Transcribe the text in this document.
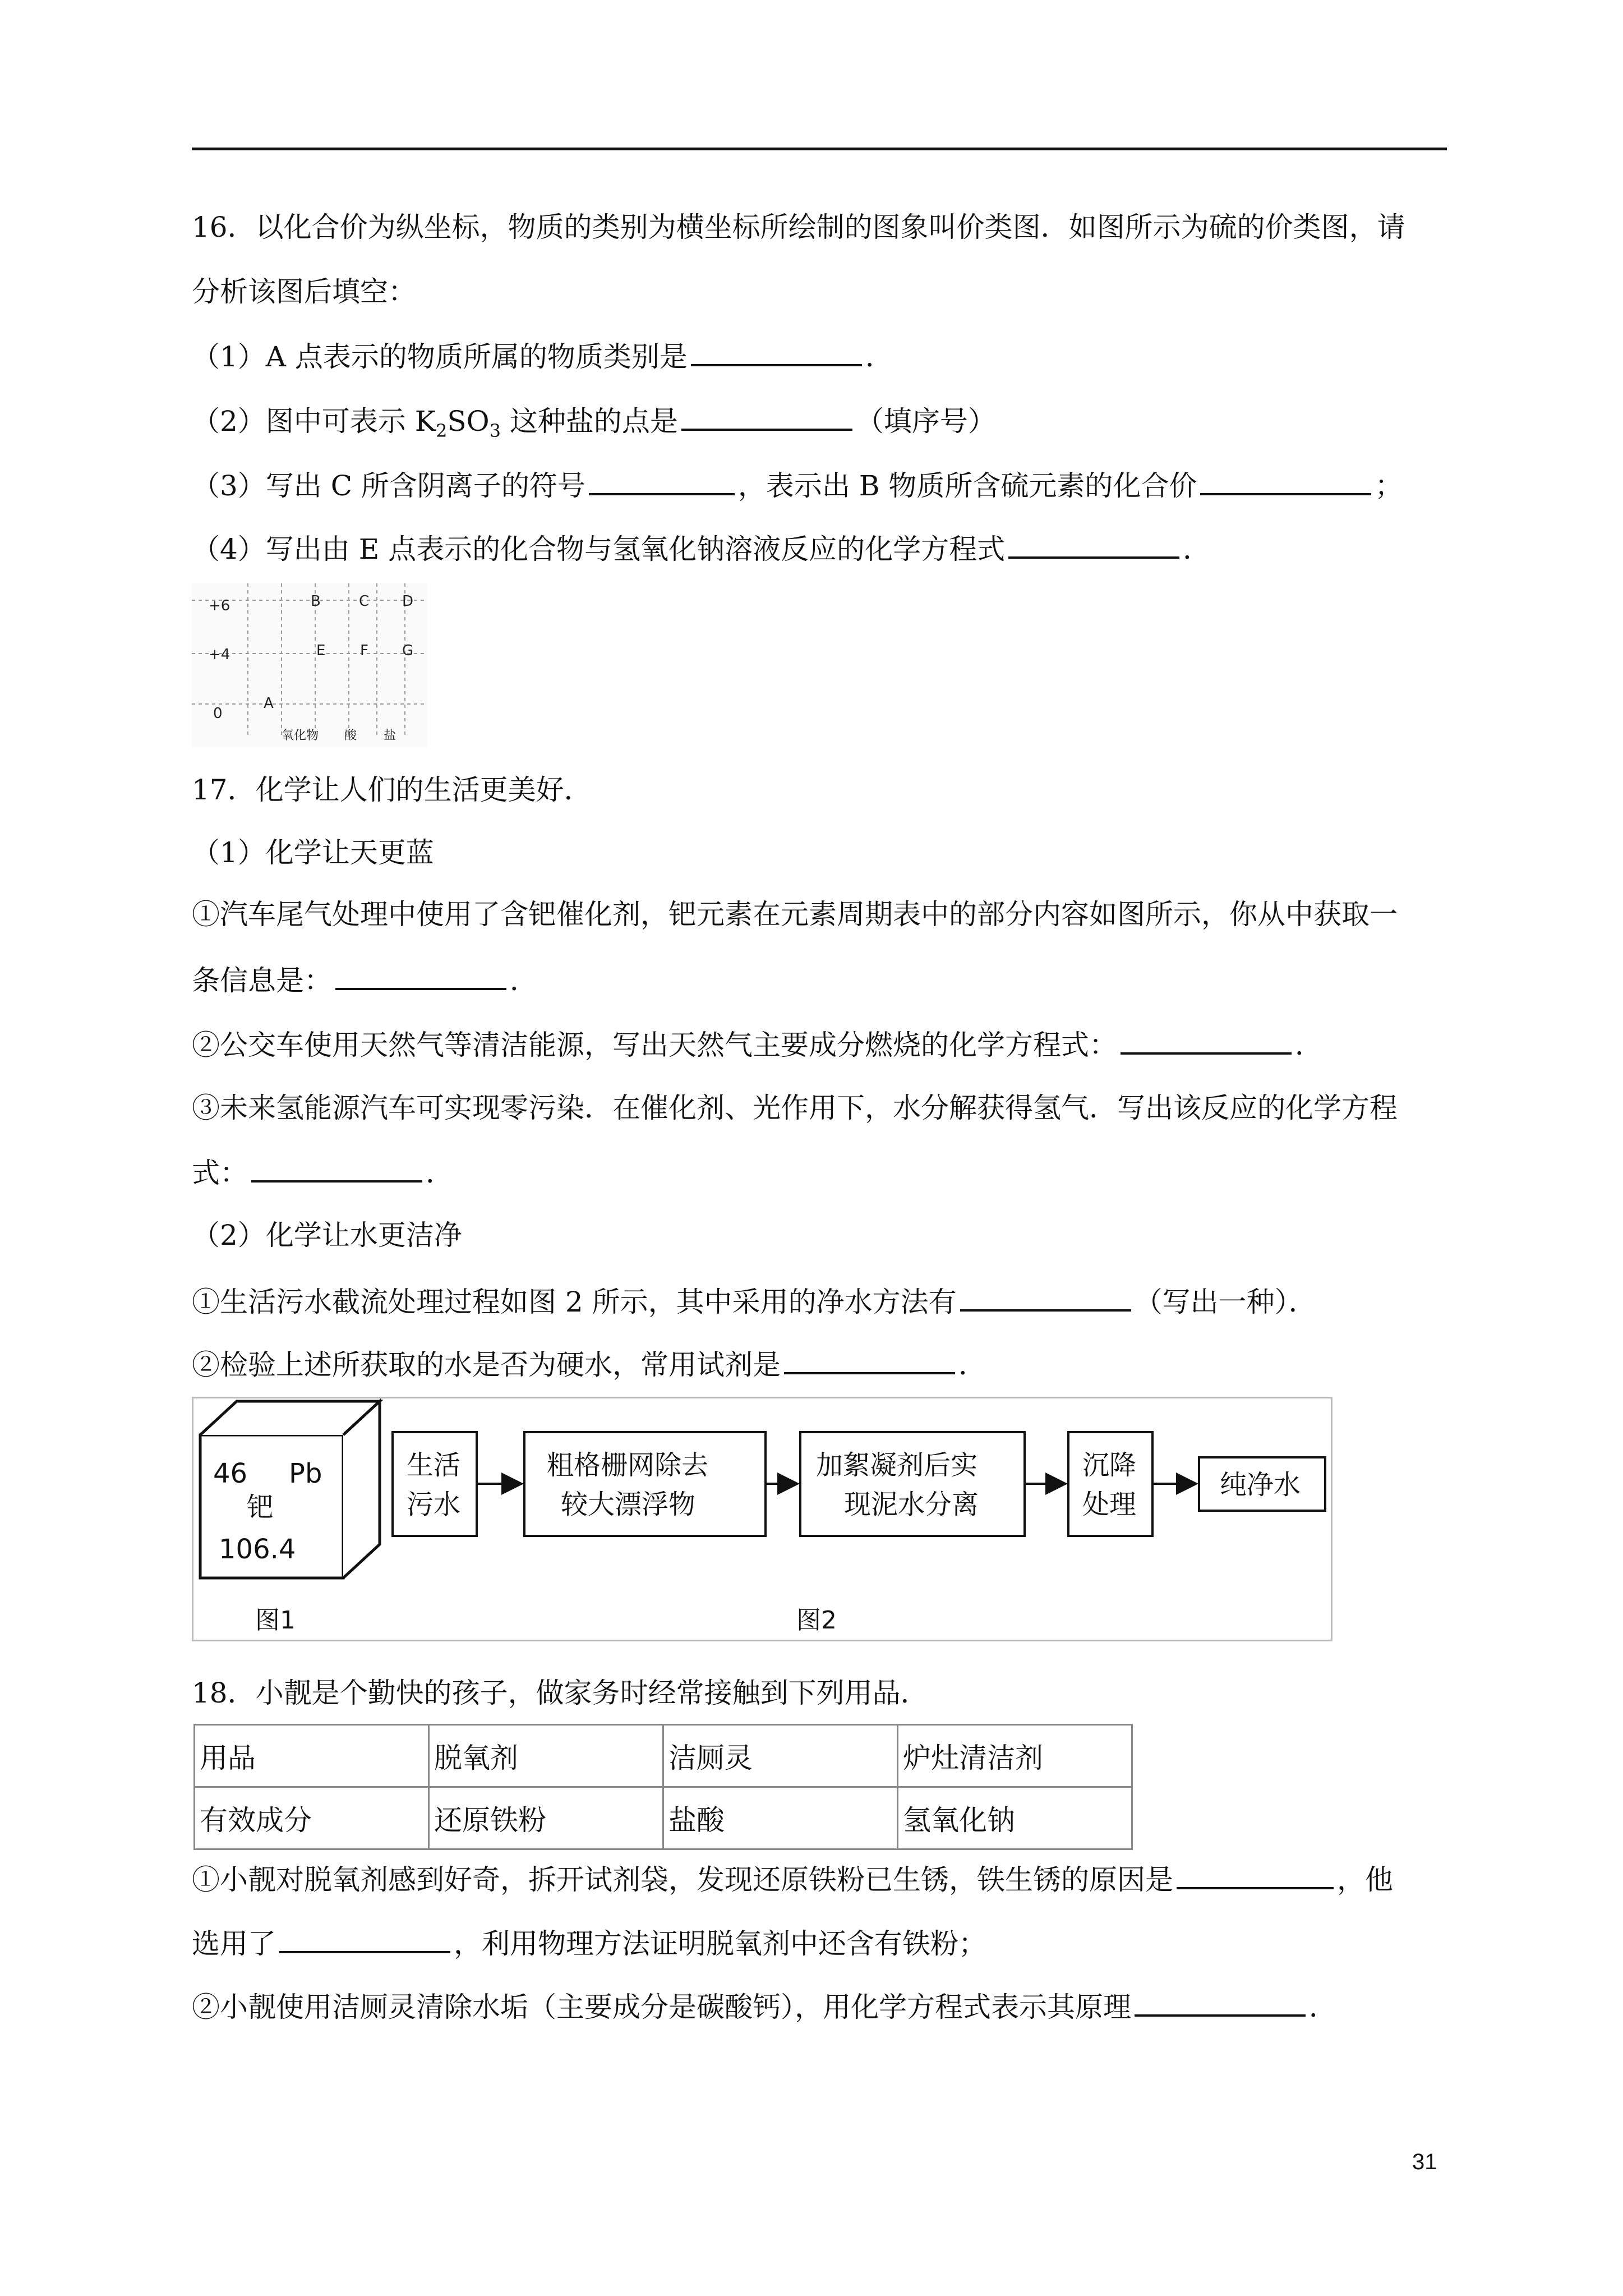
16．以化合价为纵坐标，物质的类别为横坐标所绘制的图象叫价类图．如图所示为硫的价类图，请
分析该图后填空：
（1）A 点表示的物质所属的物质类别是	．
（2）图中可表示 $K_2SO_3$ 这种盐的点是	（填序号）
（3）写出 C 所含阴离子的符号	，表示出 B 物质所含硫元素的化合价	；
（4）写出由 E 点表示的化合物与氢氧化钠溶液反应的化学方程式	．
+6
+4
0
B	C D
E F G
A
氧化物 酸 盐
17．化学让人们的生活更美好．
（1）化学让天更蓝
①汽车尾气处理中使用了含钯催化剂，钯元素在元素周期表中的部分内容如图所示，你从中获取一
条信息是：	．
②公交车使用天然气等清洁能源，写出天然气主要成分燃烧的化学方程式：	．
③未来氢能源汽车可实现零污染．在催化剂、光作用下，水分解获得氢气．写出该反应的化学方程
式：	．
（2）化学让水更洁净
①生活污水截流处理过程如图 2 所示，其中采用的净水方法有	（写出一种）．
②检验上述所获取的水是否为硬水，常用试剂是	．
46 Pb
钯
106.4
图1
生活
污水
粗格栅网除去
较大漂浮物
加絮凝剂后实
现泥水分离
沉降
处理
纯净水
图2
18．小靓是个勤快的孩子，做家务时经常接触到下列用品．
用品	脱氧剂	洁厕灵	炉灶清洁剂
有效成分	还原铁粉	盐酸	氢氧化钠
①小靓对脱氧剂感到好奇，拆开试剂袋，发现还原铁粉已生锈，铁生锈的原因是	，他
选用了	，利用物理方法证明脱氧剂中还含有铁粉；
②小靓使用洁厕灵清除水垢（主要成分是碳酸钙），用化学方程式表示其原理	．
31
